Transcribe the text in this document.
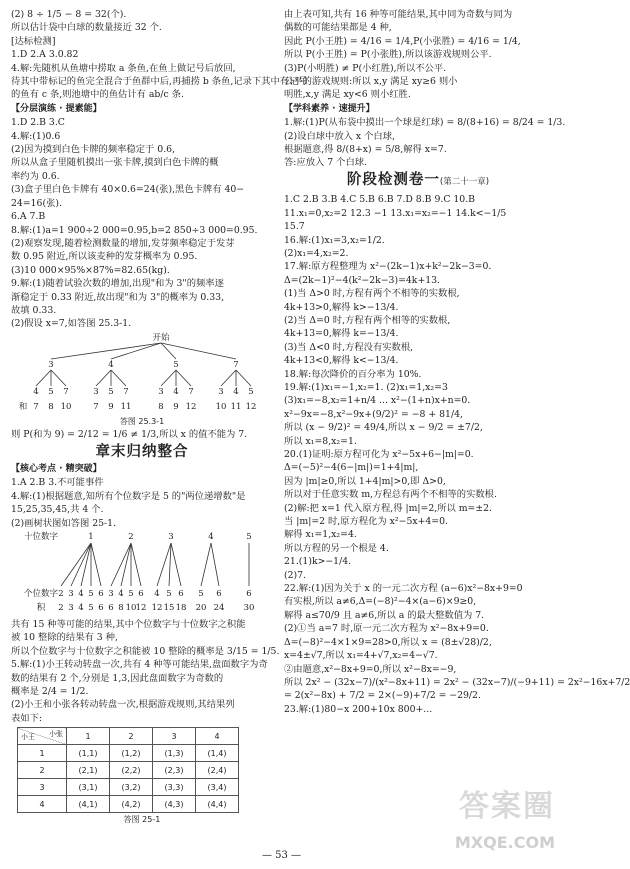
(2) 8 ÷ 1/5 − 8 = 32(个).
所以估计袋中白球的数量接近 32 个.
[达标检测]
1.D 2.A 3.0.82
4.解:先随机从鱼塘中捞取 a 条鱼,在鱼上做记号后放回,
待其中带标记的鱼完全混合于鱼群中后,再捕捞 b 条鱼,记录下其中有记号
的鱼有 c 条,则池塘中的鱼估计有 ab/c 条.
【分层演练 · 提素能】
1.D 2.B 3.C
4.解:(1)0.6
(2)因为摸到白色卡牌的频率稳定于 0.6,
所以从盒子里随机摸出一张卡牌,摸到白色卡牌的概
率约为 0.6.
(3)盒子里白色卡牌有 40×0.6=24(张),黑色卡牌有 40−
24=16(张).
6.A 7.B
8.解:(1)a=1 900÷2 000=0.95,b=2 850÷3 000=0.95.
(2)观察发现,随着检测数量的增加,发芽频率稳定于发芽
数 0.95 附近,所以该麦种的发芽概率为 0.95.
(3)10 000×95%×87%=82.65(kg).
9.解:(1)随着试验次数的增加,出现"和为 3"的频率逐
渐稳定于 0.33 附近,故出现"和为 3"的概率为 0.33,
故填 0.33.
(2)假设 x=7,如答图 25.3-1.
开始
3	4	5	7
4 5 7	3 5 7	3 4 7	3 4 5
和 7 8 10	7 9 11	8 9 12 10 11 12
答图 25.3-1
则 P(和为 9) = 2/12 = 1/6 ≠ 1/3,所以 x 的值不能为 7.
章末归纳整合
【核心考点 · 精突破】
1.A 2.B 3.不可能事件
4.解:(1)根据题意,知所有个位数字是 5 的"两位递增数"是
15,25,35,45,共 4 个.
(2)画树状图如答图 25-1.
十位数字	1	2	3	4	5
个位数字 2 3 4 5 6 3 4 5 6 4 5 6 5 6	6
积 2 3 4 5 6 6 8 10 12 12 15 18 20 24 30
共有 15 种等可能的结果,其中个位数字与十位数字之积能
被 10 整除的结果有 3 种,
所以个位数字与十位数字之积能被 10 整除的概率是 3/15 = 1/5.
5.解:(1)小王转动转盘一次,共有 4 种等可能结果,盘面数字为奇
数的结果有 2 个,分别是 1,3,因此盘面数字为奇数的
概率是 2/4 = 1/2.
(2)小王和小张各转动转盘一次,根据游戏规则,其结果列
表如下:
小张
小王	1	2	3	4
1	(1,1)	(1,2)	(1,3)	(1,4)
2	(2,1)	(2,2)	(2,3)	(2,4)
3	(3,1)	(3,2)	(3,3)	(3,4)
4	(4,1)	(4,2)	(4,3)	(4,4)
答图 25-1
由上表可知,共有 16 种等可能结果,其中同为奇数与同为
偶数的可能结果都是 4 种,
因此 P(小王胜) = 4/16 = 1/4,P(小张胜) = 4/16 = 1/4,
所以 P(小王胜) = P(小张胜),所以该游戏规则公平.
(3)P(小明胜) ≠ P(小红胜),所以不公平.
公平的游戏规则:所以 x,y 满足 xy≥6 则小
明胜,x,y 满足 xy<6 则小红胜.
【学科素养 · 速提升】
1.解:(1)P(从布袋中摸出一个球是红球) = 8/(8+16) = 8/24 = 1/3.
(2)设白球中放入 x 个白球,
根据题意,得 8/(8+x) = 5/8,解得 x=7.
答:应放入 7 个白球.
阶段检测卷一(第二十一章)
1.C 2.B 3.B 4.C 5.B 6.B 7.D 8.B 9.C 10.B
11.x₁=0,x₂=2 12.3 −1 13.x₁=x₂=−1 14.k<−1/5
15.7
16.解:(1)x₁=3,x₂=1/2.
(2)x₁=4,x₂=2.
17.解:原方程整理为 x²−(2k−1)x+k²−2k−3=0.
Δ=(2k−1)²−4(k²−2k−3)=4k+13.
(1)当 Δ>0 时,方程有两个不相等的实数根,
4k+13>0,解得 k>−13/4.
(2)当 Δ=0 时,方程有两个相等的实数根,
4k+13=0,解得 k=−13/4.
(3)当 Δ<0 时,方程没有实数根,
4k+13<0,解得 k<−13/4.
18.解:每次降价的百分率为 10%.
19.解:(1)x₁=−1,x₂=1. (2)x₁=1,x₂=3
(3)x₁=−8,x₂=1+n/4 ... x²−(1+n)x+n=0.
x²−9x=−8,x²−9x+(9/2)² = −8 + 81/4,
所以 (x − 9/2)² = 49/4,所以 x − 9/2 = ±7/2,
所以 x₁=8,x₂=1.
20.(1)证明:原方程可化为 x²−5x+6−|m|=0.
Δ=(−5)²−4(6−|m|)=1+4|m|,
因为 |m|≥0,所以 1+4|m|>0,即 Δ>0,
所以对于任意实数 m,方程总有两个不相等的实数根.
(2)解:把 x=1 代入原方程,得 |m|=2,所以 m=±2.
当 |m|=2 时,原方程化为 x²−5x+4=0.
解得 x₁=1,x₂=4.
所以方程的另一个根是 4.
21.(1)k>−1/4.
(2)7.
22.解:(1)因为关于 x 的一元二次方程 (a−6)x²−8x+9=0
有实根,所以 a≠6,Δ=(−8)²−4×(a−6)×9≥0,
解得 a≤70/9 且 a≠6,所以 a 的最大整数值为 7.
(2)①当 a=7 时,原一元二次方程为 x²−8x+9=0.
Δ=(−8)²−4×1×9=28>0,所以 x = (8±√28)/2,
x=4±√7,所以 x₁=4+√7,x₂=4−√7.
②由题意,x²−8x+9=0,所以 x²−8x=−9,
所以 2x² − (32x−7)/(x²−8x+11) = 2x² − (32x−7)/(−9+11) = 2x²−16x+7/2
= 2(x²−8x) + 7/2 = 2×(−9)+7/2 = −29/2.
23.解:(1)80−x 200+10x 800+...
— 53 —
答案圈
MXQE.COM
